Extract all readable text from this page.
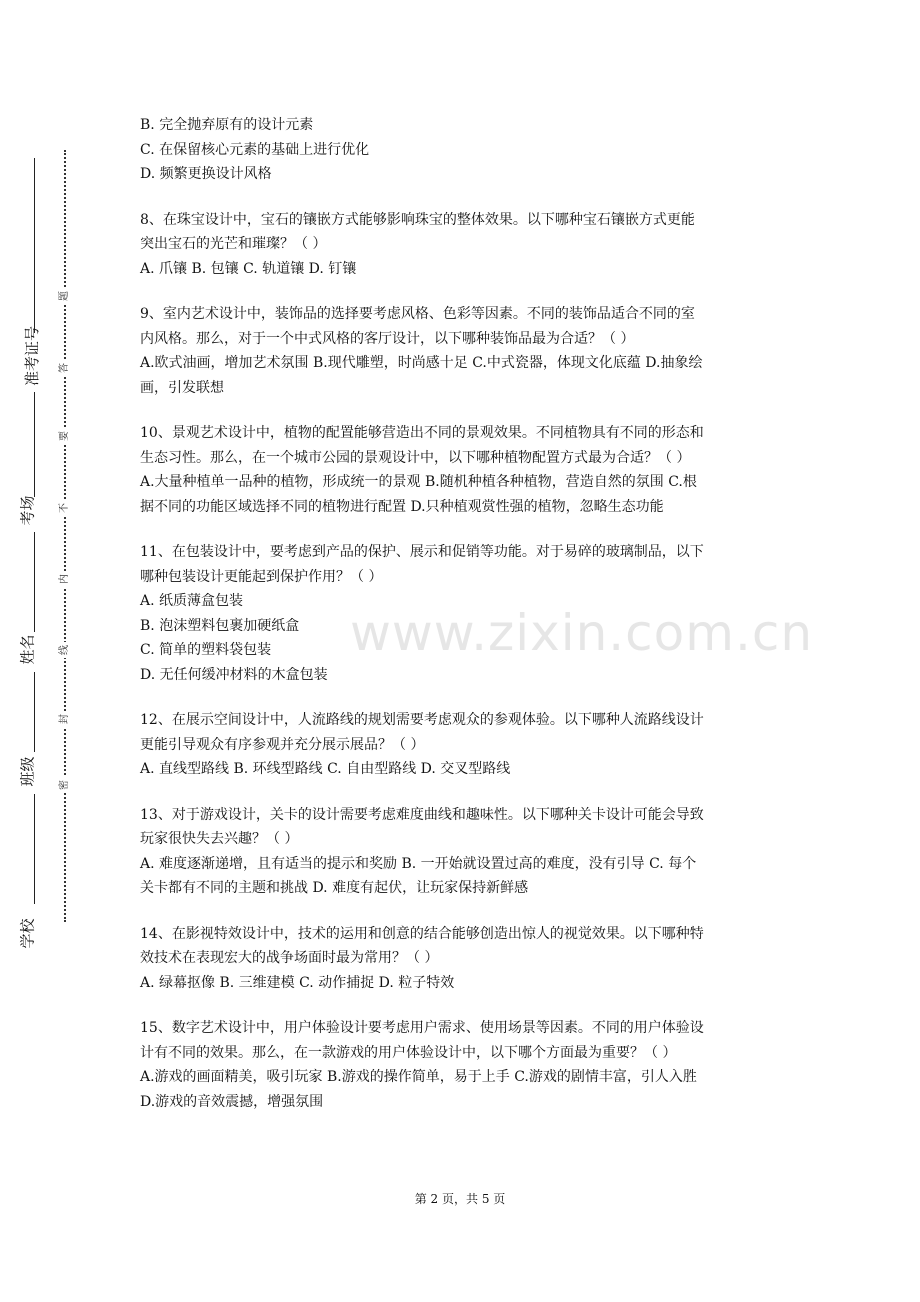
准考证号
考场
姓名
班级
学校
题
答
要
不
内
线
封
密
www.zixin.com.cn
B. 完全抛弃原有的设计元素
C. 在保留核心元素的基础上进行优化
D. 频繁更换设计风格
8、在珠宝设计中，宝石的镶嵌方式能够影响珠宝的整体效果。以下哪种宝石镶嵌方式更能
突出宝石的光芒和璀璨？（ ）
A. 爪镶 B. 包镶 C. 轨道镶 D. 钉镶
9、室内艺术设计中，装饰品的选择要考虑风格、色彩等因素。不同的装饰品适合不同的室
内风格。那么，对于一个中式风格的客厅设计，以下哪种装饰品最为合适？（ ）
A.欧式油画，增加艺术氛围 B.现代雕塑，时尚感十足 C.中式瓷器，体现文化底蕴 D.抽象绘
画，引发联想
10、景观艺术设计中，植物的配置能够营造出不同的景观效果。不同植物具有不同的形态和
生态习性。那么，在一个城市公园的景观设计中，以下哪种植物配置方式最为合适？（ ）
A.大量种植单一品种的植物，形成统一的景观 B.随机种植各种植物，营造自然的氛围 C.根
据不同的功能区域选择不同的植物进行配置 D.只种植观赏性强的植物，忽略生态功能
11、在包装设计中，要考虑到产品的保护、展示和促销等功能。对于易碎的玻璃制品，以下
哪种包装设计更能起到保护作用？（ ）
A. 纸质薄盒包装
B. 泡沫塑料包裹加硬纸盒
C. 简单的塑料袋包装
D. 无任何缓冲材料的木盒包装
12、在展示空间设计中，人流路线的规划需要考虑观众的参观体验。以下哪种人流路线设计
更能引导观众有序参观并充分展示展品？（ ）
A. 直线型路线 B. 环线型路线 C. 自由型路线 D. 交叉型路线
13、对于游戏设计，关卡的设计需要考虑难度曲线和趣味性。以下哪种关卡设计可能会导致
玩家很快失去兴趣？（ ）
A. 难度逐渐递增，且有适当的提示和奖励 B. 一开始就设置过高的难度，没有引导 C. 每个
关卡都有不同的主题和挑战 D. 难度有起伏，让玩家保持新鲜感
14、在影视特效设计中，技术的运用和创意的结合能够创造出惊人的视觉效果。以下哪种特
效技术在表现宏大的战争场面时最为常用？（ ）
A. 绿幕抠像 B. 三维建模 C. 动作捕捉 D. 粒子特效
15、数字艺术设计中，用户体验设计要考虑用户需求、使用场景等因素。不同的用户体验设
计有不同的效果。那么，在一款游戏的用户体验设计中，以下哪个方面最为重要？（ ）
A.游戏的画面精美，吸引玩家 B.游戏的操作简单，易于上手 C.游戏的剧情丰富，引人入胜
D.游戏的音效震撼，增强氛围
第 2 页，共 5 页
